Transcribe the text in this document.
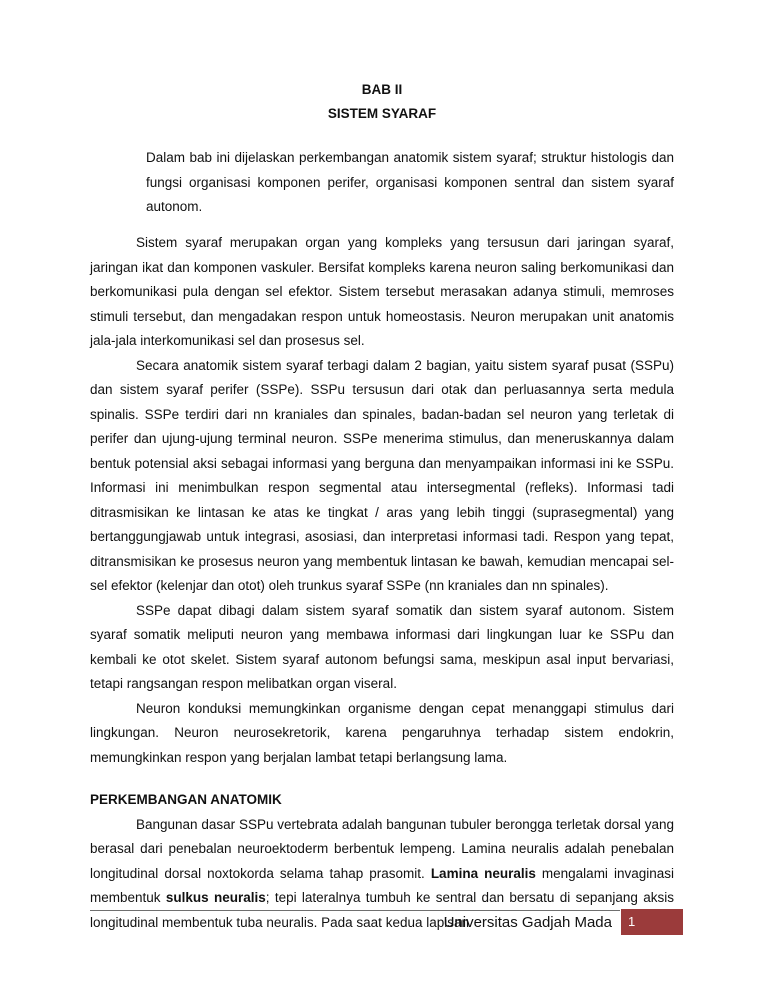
BAB II
SISTEM SYARAF

Dalam bab ini dijelaskan perkembangan anatomik sistem syaraf; struktur histologis dan fungsi organisasi komponen perifer, organisasi komponen sentral dan sistem syaraf autonom.

Sistem syaraf merupakan organ yang kompleks yang tersusun dari jaringan syaraf, jaringan ikat dan komponen vaskuler. Bersifat kompleks karena neuron saling berkomunikasi dan berkomunikasi pula dengan sel efektor. Sistem tersebut merasakan adanya stimuli, memroses stimuli tersebut, dan mengadakan respon untuk homeostasis. Neuron merupakan unit anatomis jala-jala interkomunikasi sel dan prosesus sel.

Secara anatomik sistem syaraf terbagi dalam 2 bagian, yaitu sistem syaraf pusat (SSPu) dan sistem syaraf perifer (SSPe). SSPu tersusun dari otak dan perluasannya serta medula spinalis. SSPe terdiri dari nn kraniales dan spinales, badan-badan sel neuron yang terletak di perifer dan ujung-ujung terminal neuron. SSPe menerima stimulus, dan meneruskannya dalam bentuk potensial aksi sebagai informasi yang berguna dan menyampaikan informasi ini ke SSPu. Informasi ini menimbulkan respon segmental atau intersegmental (refleks). Informasi tadi ditrasmisikan ke lintasan ke atas ke tingkat / aras yang lebih tinggi (suprasegmental) yang bertanggungjawab untuk integrasi, asosiasi, dan interpretasi informasi tadi. Respon yang tepat, ditransmisikan ke prosesus neuron yang membentuk lintasan ke bawah, kemudian mencapai sel-sel efektor (kelenjar dan otot) oleh trunkus syaraf SSPe (nn kraniales dan nn spinales).

SSPe dapat dibagi dalam sistem syaraf somatik dan sistem syaraf autonom. Sistem syaraf somatik meliputi neuron yang membawa informasi dari lingkungan luar ke SSPu dan kembali ke otot skelet. Sistem syaraf autonom befungsi sama, meskipun asal input bervariasi, tetapi rangsangan respon melibatkan organ viseral.

Neuron konduksi memungkinkan organisme dengan cepat menanggapi stimulus dari lingkungan. Neuron neurosekretorik, karena pengaruhnya terhadap sistem endokrin, memungkinkan respon yang berjalan lambat tetapi berlangsung lama.

PERKEMBANGAN ANATOMIK

Bangunan dasar SSPu vertebrata adalah bangunan tubuler berongga terletak dorsal yang berasal dari penebalan neuroektoderm berbentuk lempeng. Lamina neuralis adalah penebalan longitudinal dorsal noxtokorda selama tahap prasomit. Lamina neuralis mengalami invaginasi membentuk sulkus neuralis; tepi lateralnya tumbuh ke sentral dan bersatu di sepanjang aksis longitudinal membentuk tuba neuralis. Pada saat kedua lapisan

Universitas Gadjah Mada 1
